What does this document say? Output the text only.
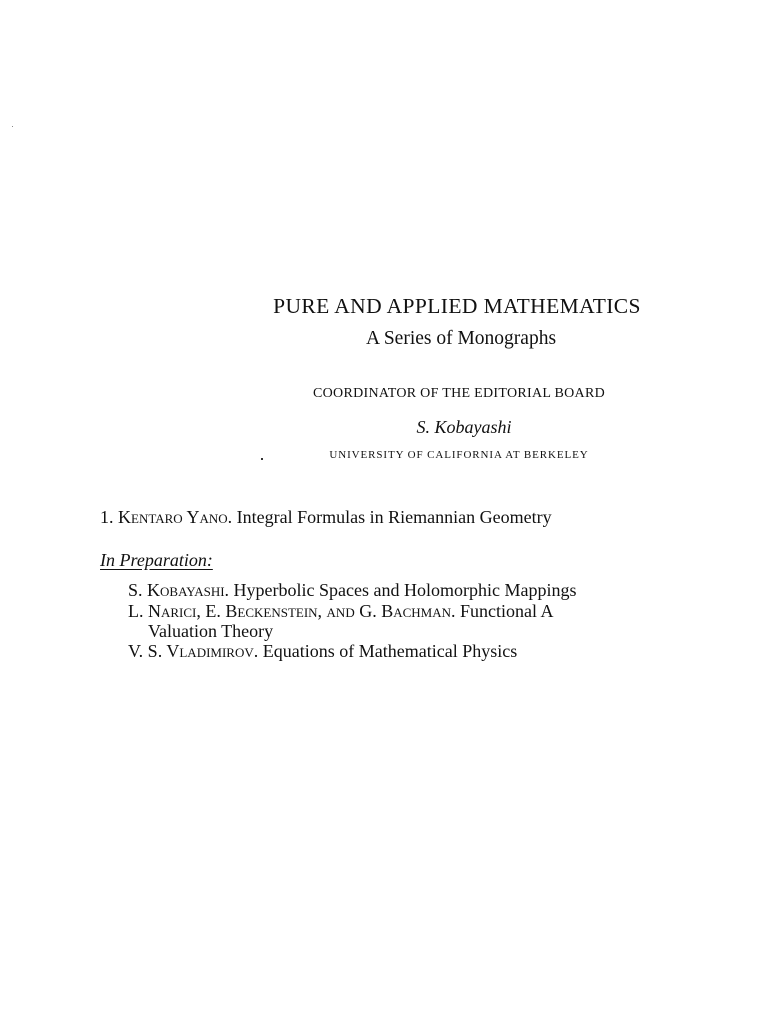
PURE AND APPLIED MATHEMATICS
A Series of Monographs
COORDINATOR OF THE EDITORIAL BOARD
S. Kobayashi
UNIVERSITY OF CALIFORNIA AT BERKELEY
1. Kentaro Yano. Integral Formulas in Riemannian Geometry
In Preparation:
S. Kobayashi. Hyperbolic Spaces and Holomorphic Mappings
L. Narici, E. Beckenstein, and G. Bachman. Functional A
Valuation Theory
V. S. Vladimirov. Equations of Mathematical Physics
